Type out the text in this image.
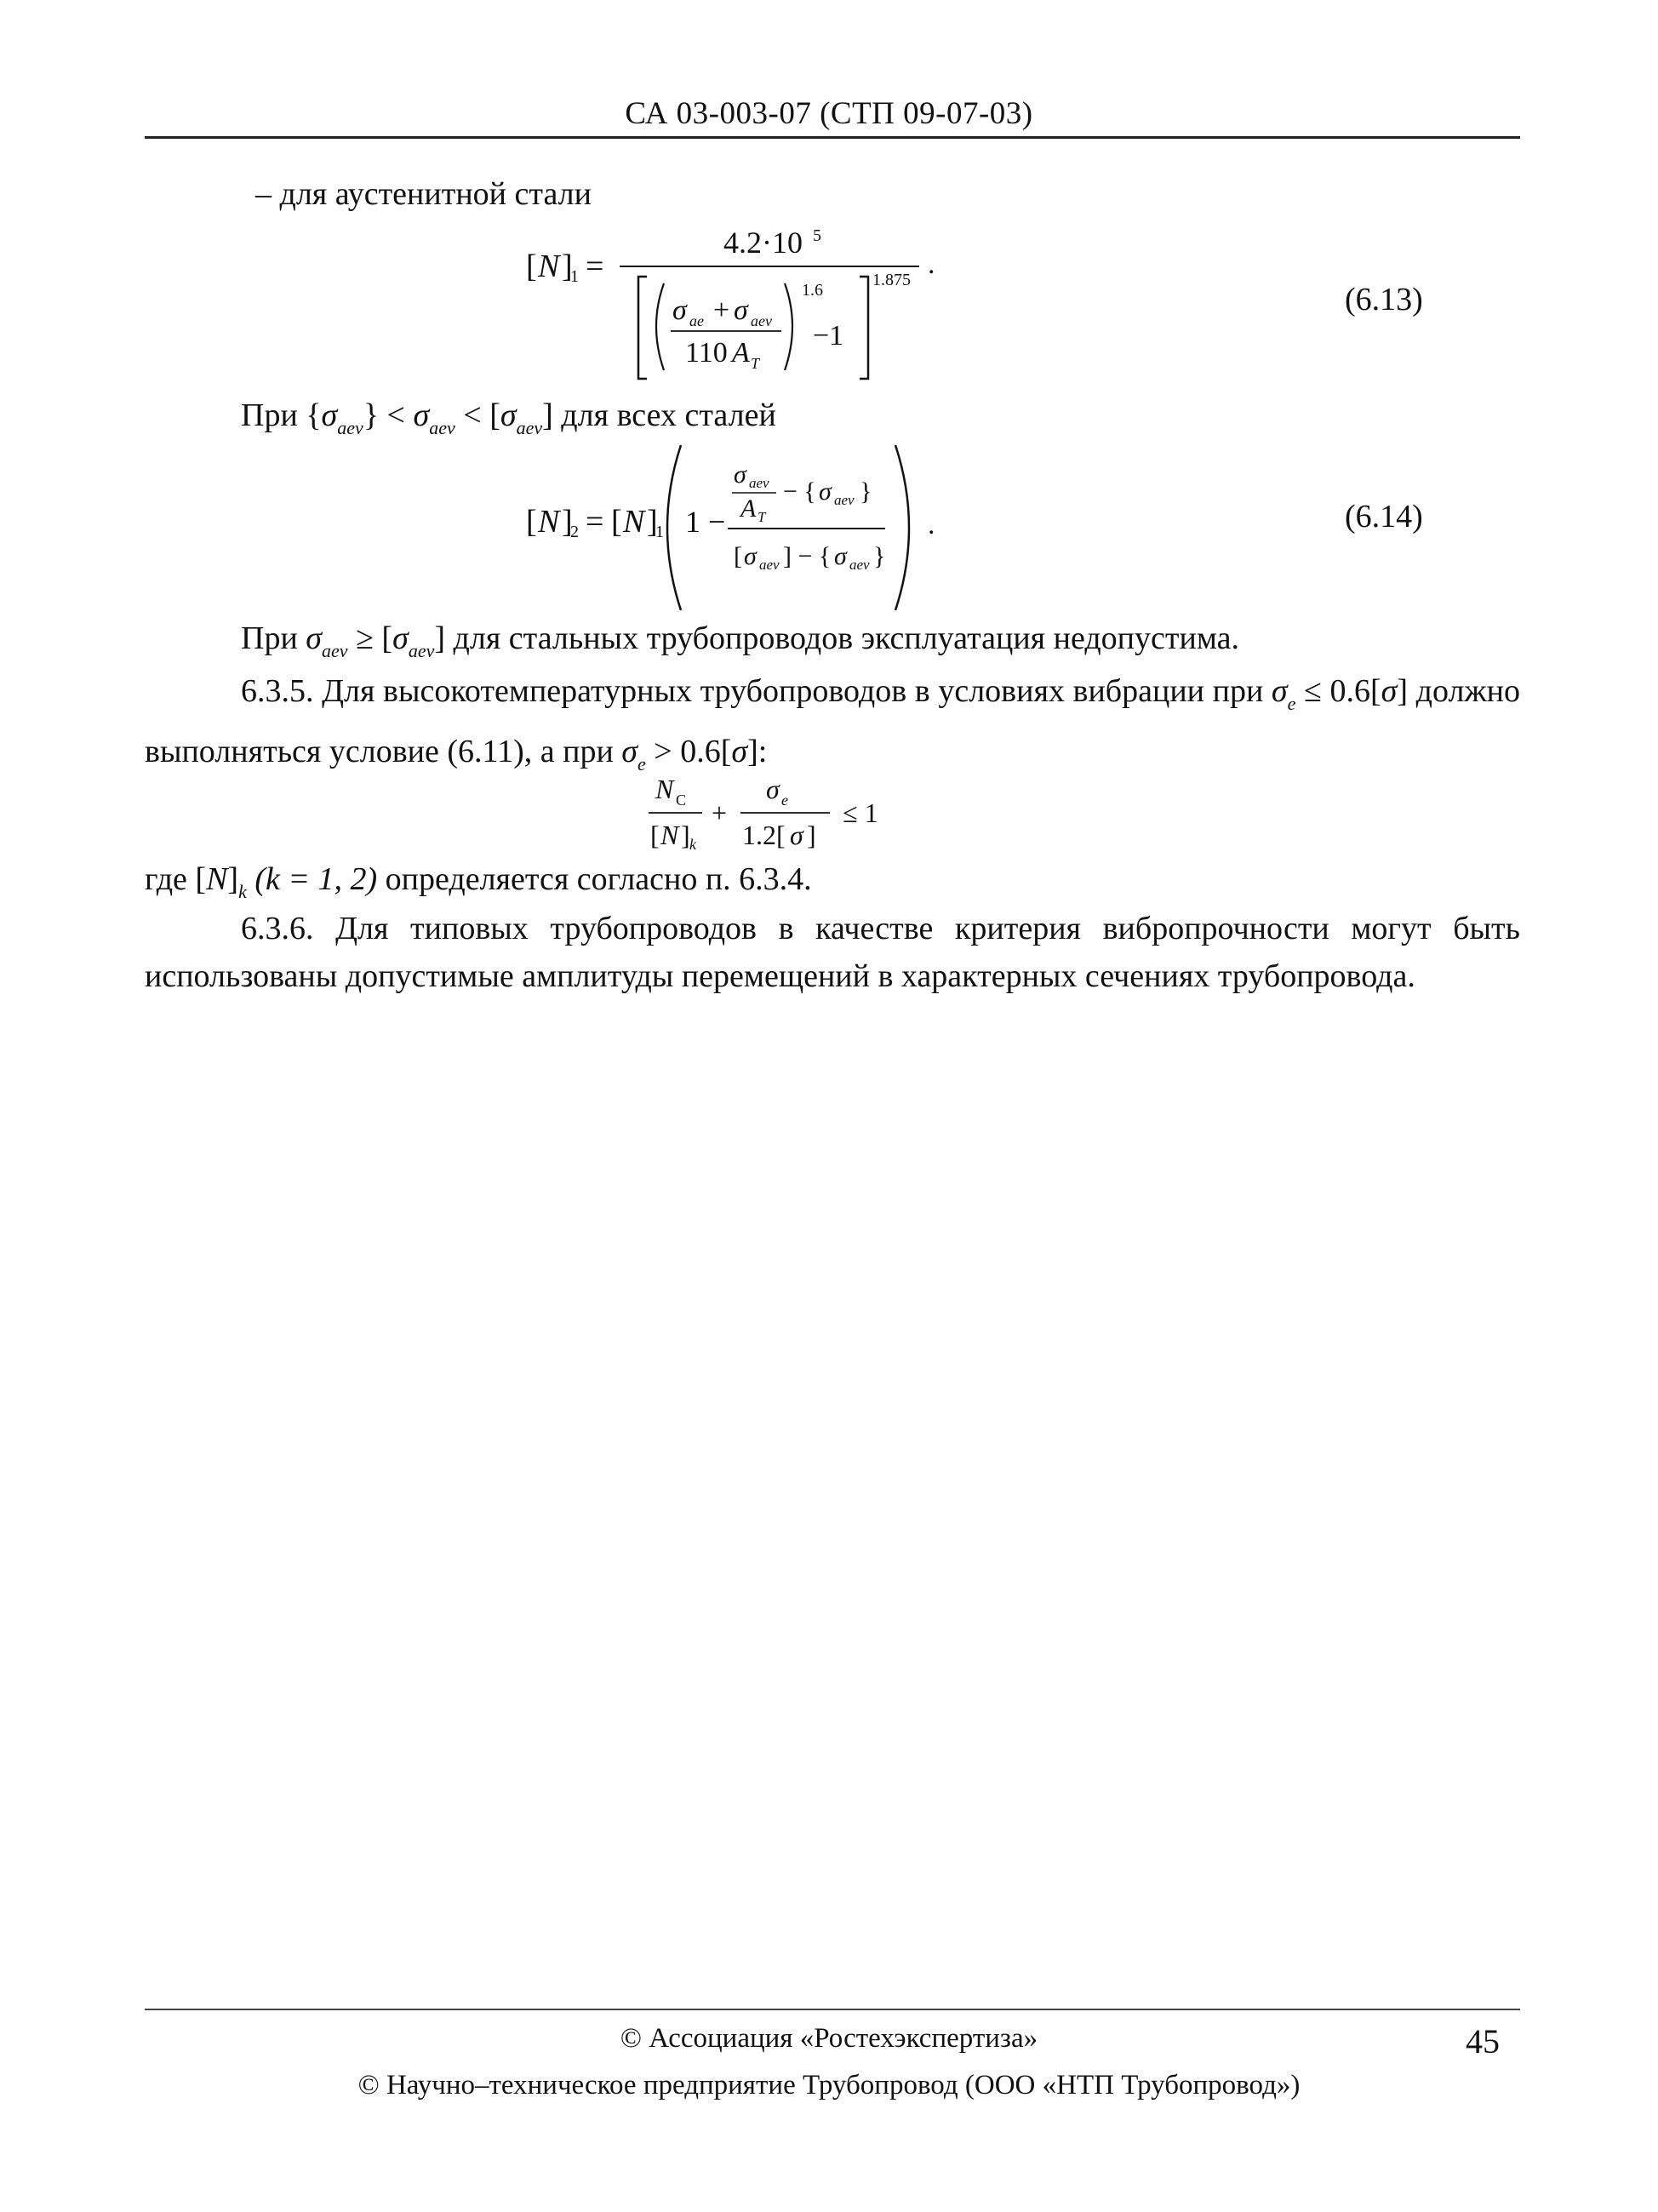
СА 03-003-07 (СТП 09-07-03)
– для аустенитной стали
[ N ]
1 =
4.2·10 5
1.875
1.6
σ ae + σ aev
110 A T
−1
.
(6.13)
При $\{\sigma_{aev}\} < \sigma_{aev} < [\sigma_{aev}]$ для всех сталей
[ N ]
2 = [ N ]
1 1 −
σ aev
A T
− { σ aev }
[ σ aev ] − { σ aev }
.	(6.14)
При $\sigma_{aev} \ge [\sigma_{aev}]$ для стальных трубопроводов эксплуатация недопустима.
6.3.5. Для высокотемпературных трубопроводов в условиях вибрации при $\sigma_e \le 0.6[\sigma]$ должно выполняться условие (6.11), а при $\sigma_e > 0.6[\sigma]$:
N C
[ N ] k
+
σ e
1.2[ σ ]
≤ 1
где $[N]_k$ (k = 1, 2) определяется согласно п. 6.3.4.
6.3.6. Для типовых трубопроводов в качестве критерия вибропрочности могут быть использованы допустимые амплитуды перемещений в характерных сечениях трубопровода.
© Ассоциация «Ростехэкспертиза»	45
© Научно–техническое предприятие Трубопровод (ООО «НТП Трубопровод»)
